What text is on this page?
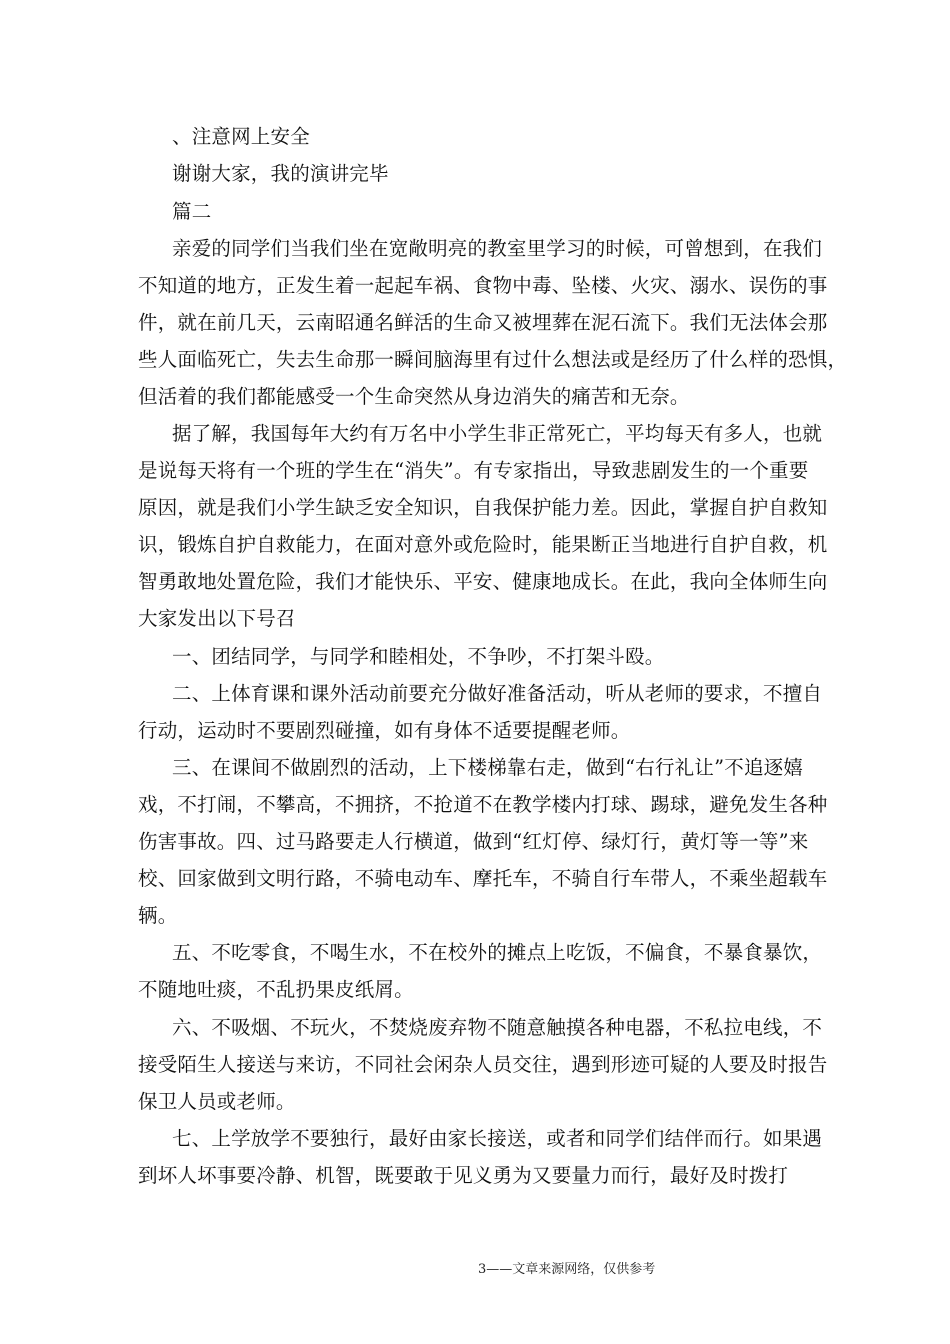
、注意网上安全
谢谢大家，我的演讲完毕
篇二
亲爱的同学们当我们坐在宽敞明亮的教室里学习的时候，可曾想到，在我们
不知道的地方，正发生着一起起车祸、食物中毒、坠楼、火灾、溺水、误伤的事
件，就在前几天，云南昭通名鲜活的生命又被埋葬在泥石流下。我们无法体会那
些人面临死亡，失去生命那一瞬间脑海里有过什么想法或是经历了什么样的恐惧，
但活着的我们都能感受一个生命突然从身边消失的痛苦和无奈。
据了解，我国每年大约有万名中小学生非正常死亡，平均每天有多人，也就
是说每天将有一个班的学生在“消失”。有专家指出，导致悲剧发生的一个重要
原因，就是我们小学生缺乏安全知识，自我保护能力差。因此，掌握自护自救知
识，锻炼自护自救能力，在面对意外或危险时，能果断正当地进行自护自救，机
智勇敢地处置危险，我们才能快乐、平安、健康地成长。在此，我向全体师生向
大家发出以下号召
一、团结同学，与同学和睦相处，不争吵，不打架斗殴。
二、上体育课和课外活动前要充分做好准备活动，听从老师的要求，不擅自
行动，运动时不要剧烈碰撞，如有身体不适要提醒老师。
三、在课间不做剧烈的活动，上下楼梯靠右走，做到“右行礼让”不追逐嬉
戏，不打闹，不攀高，不拥挤，不抢道不在教学楼内打球、踢球，避免发生各种
伤害事故。四、过马路要走人行横道，做到“红灯停、绿灯行，黄灯等一等”来
校、回家做到文明行路，不骑电动车、摩托车，不骑自行车带人，不乘坐超载车
辆。
五、不吃零食，不喝生水，不在校外的摊点上吃饭，不偏食，不暴食暴饮，
不随地吐痰，不乱扔果皮纸屑。
六、不吸烟、不玩火，不焚烧废弃物不随意触摸各种电器，不私拉电线，不
接受陌生人接送与来访，不同社会闲杂人员交往，遇到形迹可疑的人要及时报告
保卫人员或老师。
七、上学放学不要独行，最好由家长接送，或者和同学们结伴而行。如果遇
到坏人坏事要冷静、机智，既要敢于见义勇为又要量力而行，最好及时拨打
3——文章来源网络，仅供参考
